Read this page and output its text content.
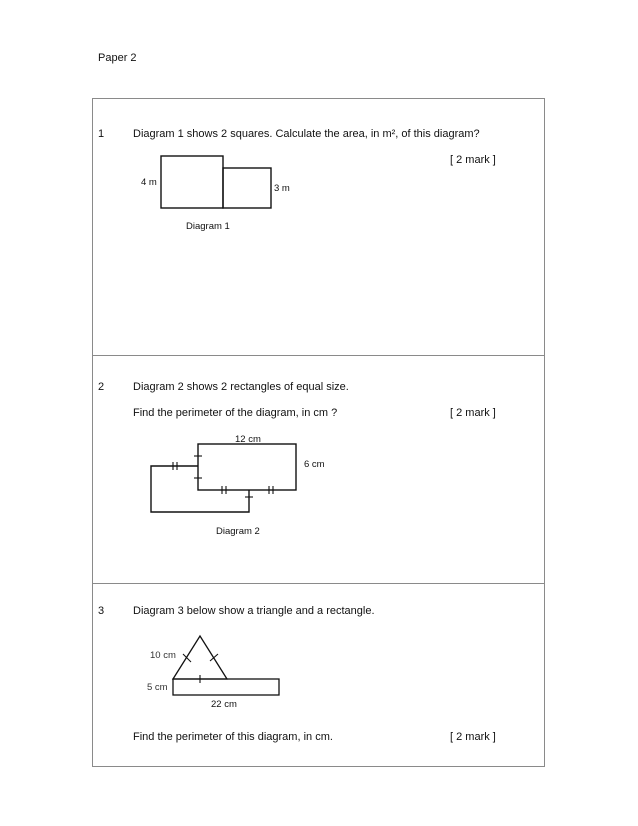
Paper 2
1	Diagram 1 shows 2 squares. Calculate the area, in m², of this diagram?
[ 2 mark ]
4 m
3 m
Diagram 1
2	Diagram 2 shows 2 rectangles of equal size.
Find the perimeter of the diagram, in cm ?	[ 2 mark ]
12 cm
6 cm
Diagram 2
3	Diagram 3 below show a triangle and a rectangle.
10 cm
5 cm
22 cm
Find the perimeter of this diagram, in cm.	[ 2 mark ]
